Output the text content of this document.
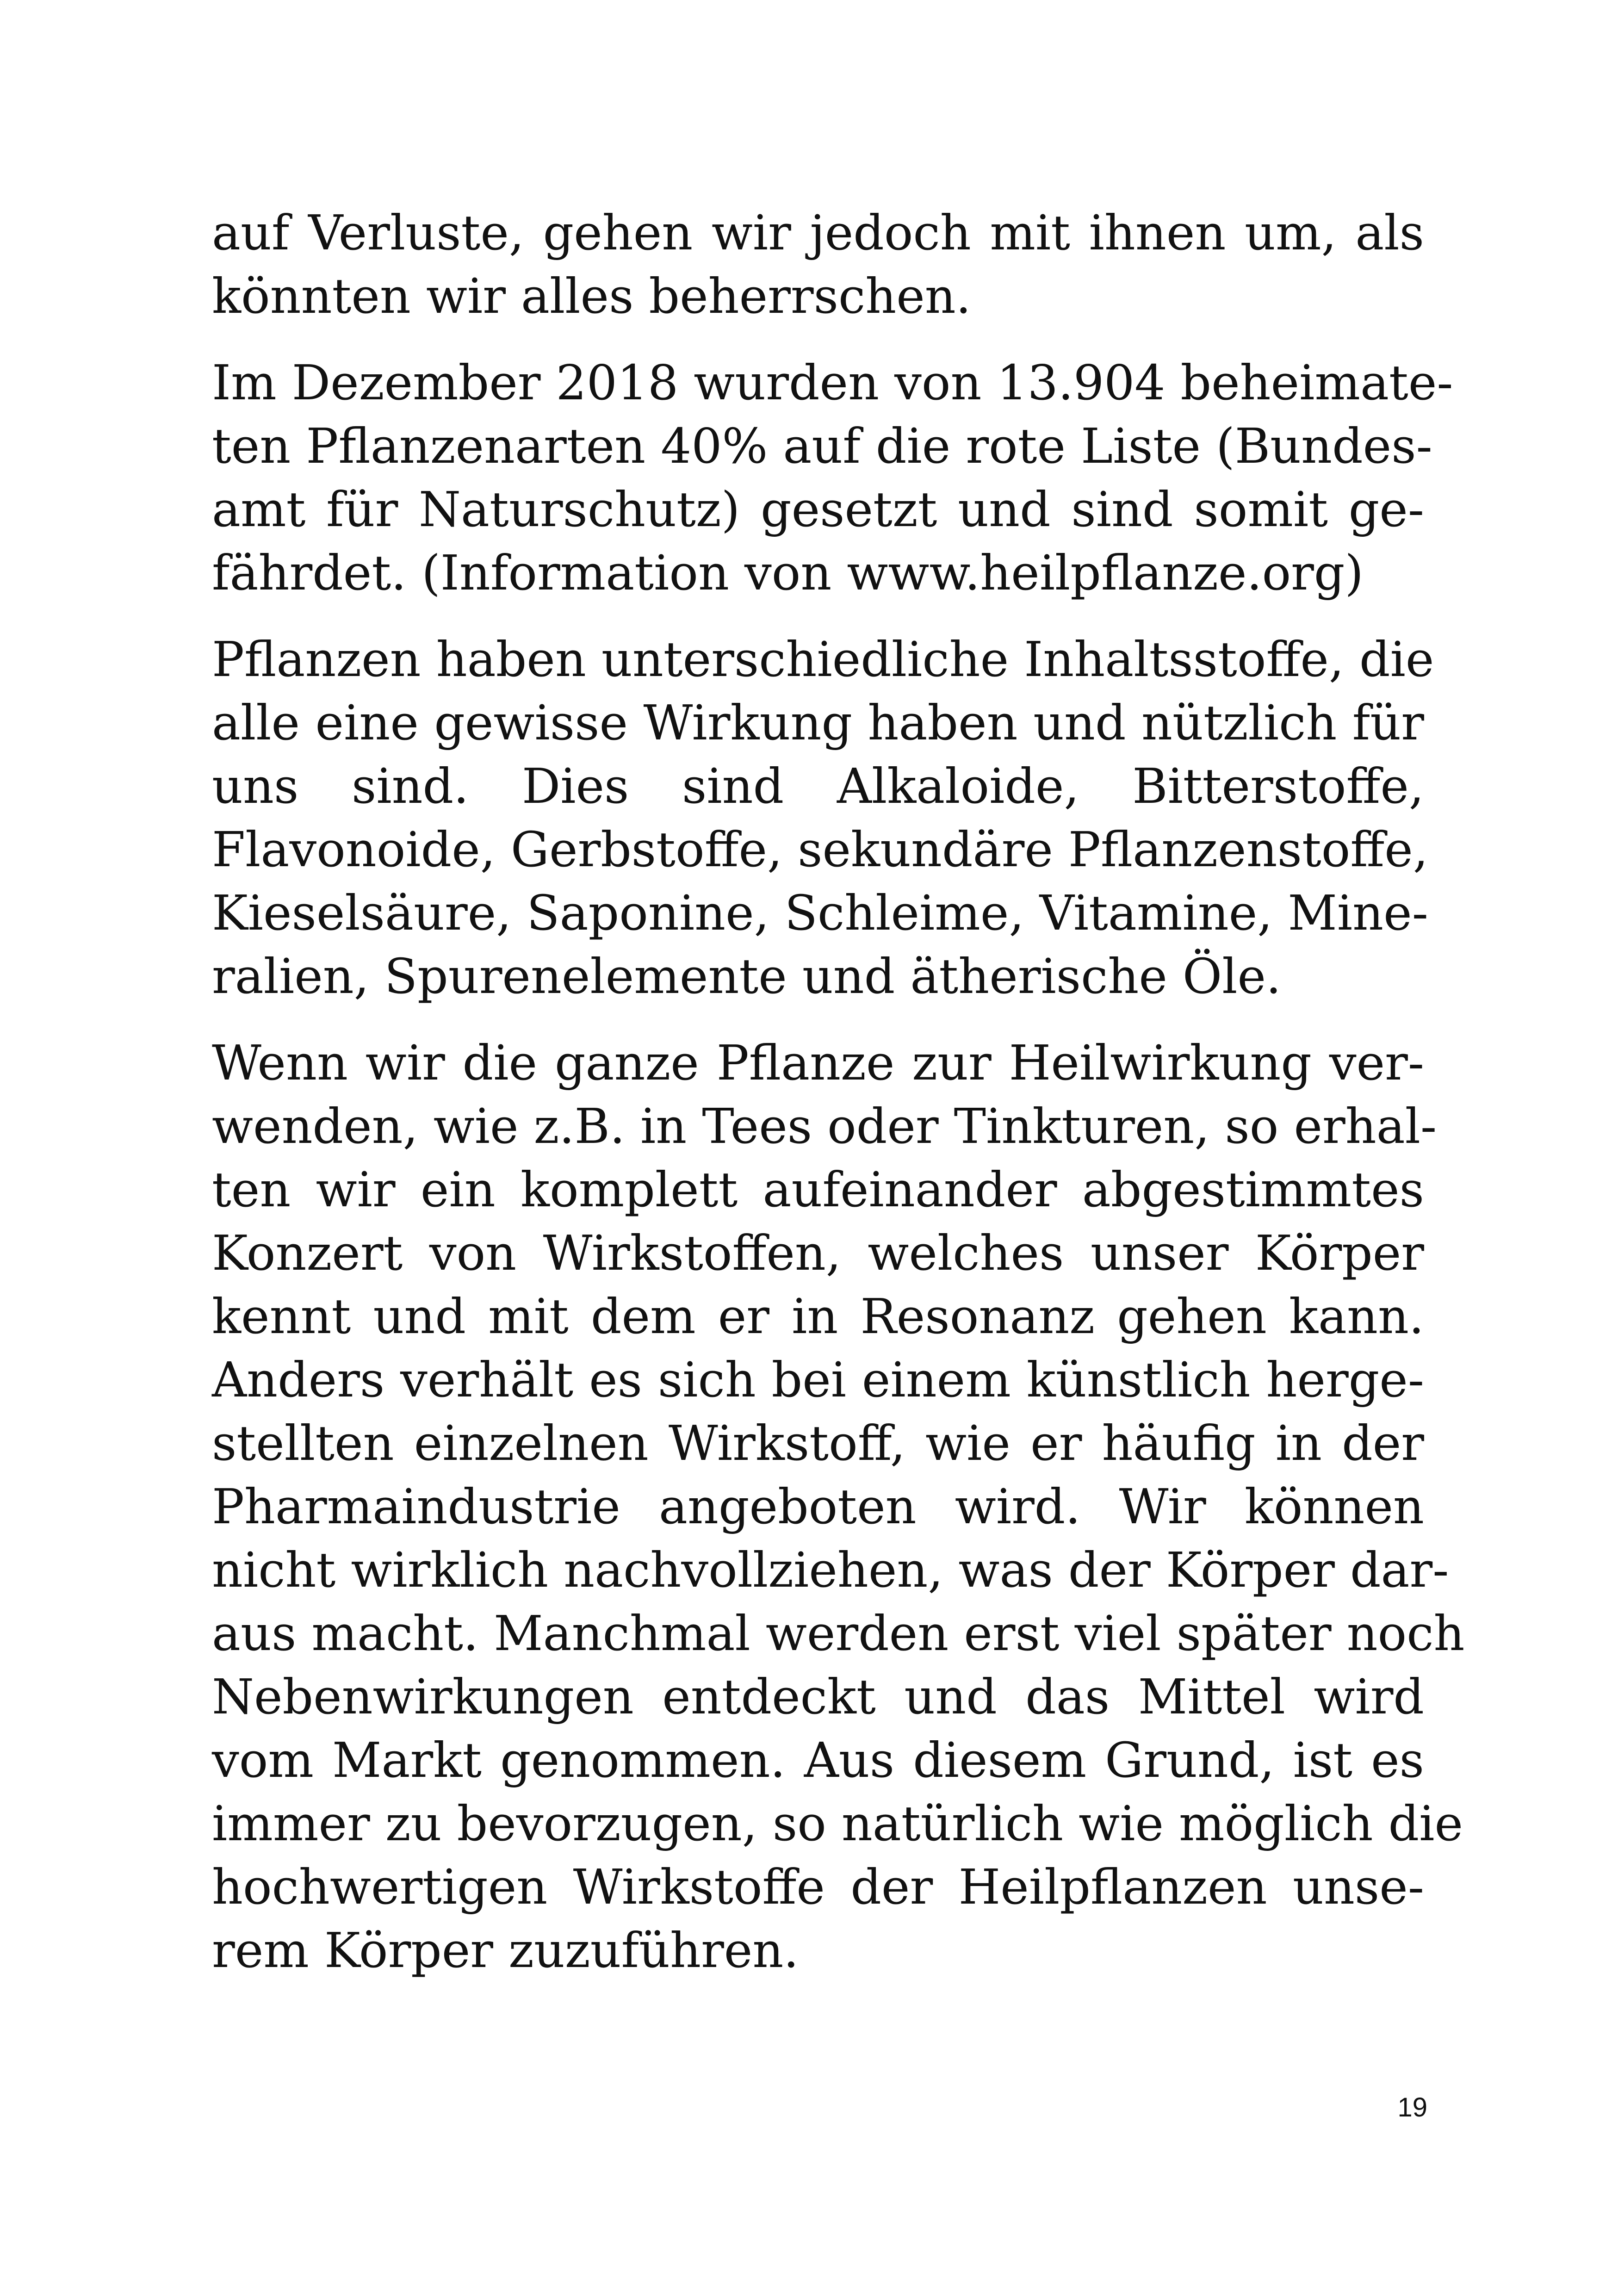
auf Verluste, gehen wir jedoch mit ihnen um, als
könnten wir alles beherrschen.

Im Dezember 2018 wurden von 13.904 beheimate-
ten Pflanzenarten 40% auf die rote Liste (Bundes-
amt für Naturschutz) gesetzt und sind somit ge-
fährdet. (Information von www.heilpflanze.org)

Pflanzen haben unterschiedliche Inhaltsstoffe, die
alle eine gewisse Wirkung haben und nützlich für
uns sind. Dies sind Alkaloide, Bitterstoffe,
Flavonoide, Gerbstoffe, sekundäre Pflanzenstoffe,
Kieselsäure, Saponine, Schleime, Vitamine, Mine-
ralien, Spurenelemente und ätherische Öle.

Wenn wir die ganze Pflanze zur Heilwirkung ver-
wenden, wie z.B. in Tees oder Tinkturen, so erhal-
ten wir ein komplett aufeinander abgestimmtes
Konzert von Wirkstoffen, welches unser Körper
kennt und mit dem er in Resonanz gehen kann.
Anders verhält es sich bei einem künstlich herge-
stellten einzelnen Wirkstoff, wie er häufig in der
Pharmaindustrie angeboten wird. Wir können
nicht wirklich nachvollziehen, was der Körper dar-
aus macht. Manchmal werden erst viel später noch
Nebenwirkungen entdeckt und das Mittel wird
vom Markt genommen. Aus diesem Grund, ist es
immer zu bevorzugen, so natürlich wie möglich die
hochwertigen Wirkstoffe der Heilpflanzen unse-
rem Körper zuzuführen.

19
